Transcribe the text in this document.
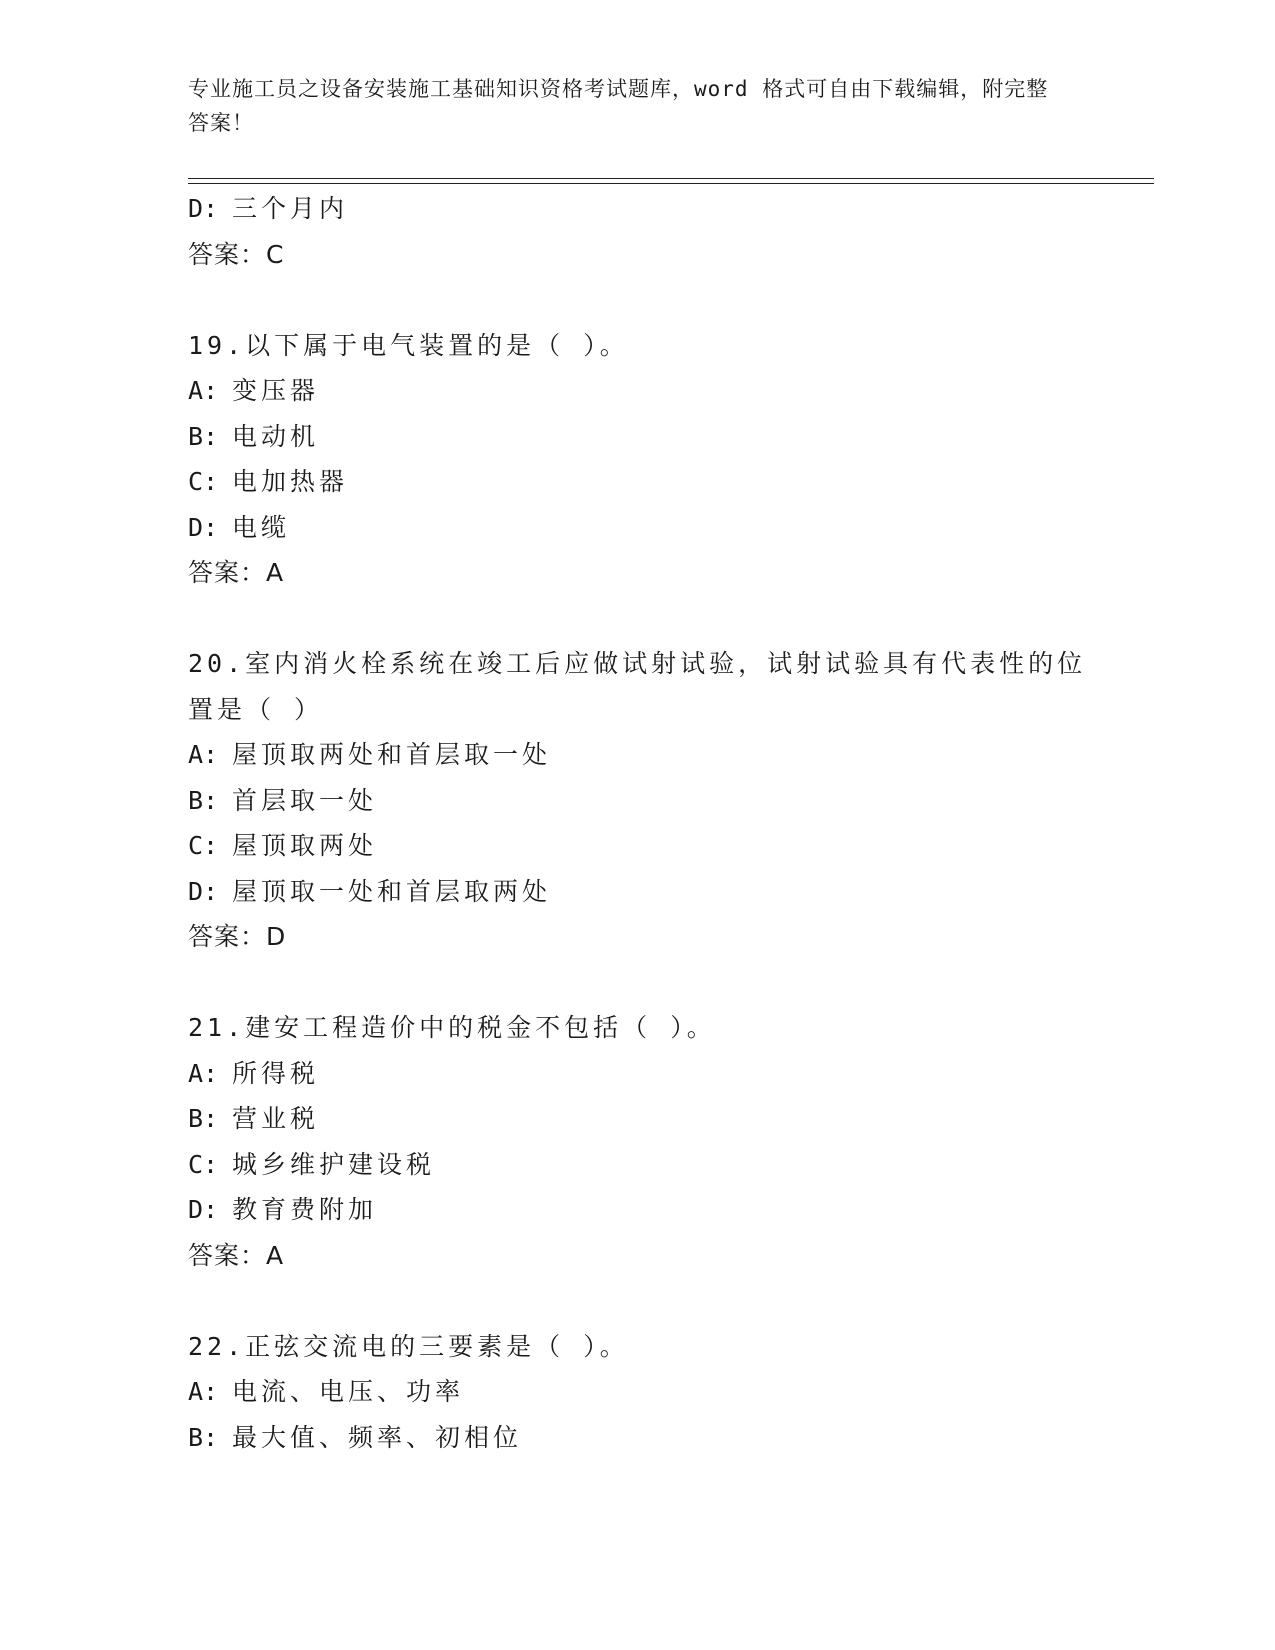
专业施工员之设备安装施工基础知识资格考试题库，word 格式可自由下载编辑，附完整答案！
D: 三个月内
答案：C
19.以下属于电气装置的是（ ）。
A: 变压器
B: 电动机
C: 电加热器
D: 电缆
答案：A
20.室内消火栓系统在竣工后应做试射试验，试射试验具有代表性的位置是（ ）
A: 屋顶取两处和首层取一处
B: 首层取一处
C: 屋顶取两处
D: 屋顶取一处和首层取两处
答案：D
21.建安工程造价中的税金不包括（ ）。
A: 所得税
B: 营业税
C: 城乡维护建设税
D: 教育费附加
答案：A
22.正弦交流电的三要素是（ ）。
A: 电流、电压、功率
B: 最大值、频率、初相位
